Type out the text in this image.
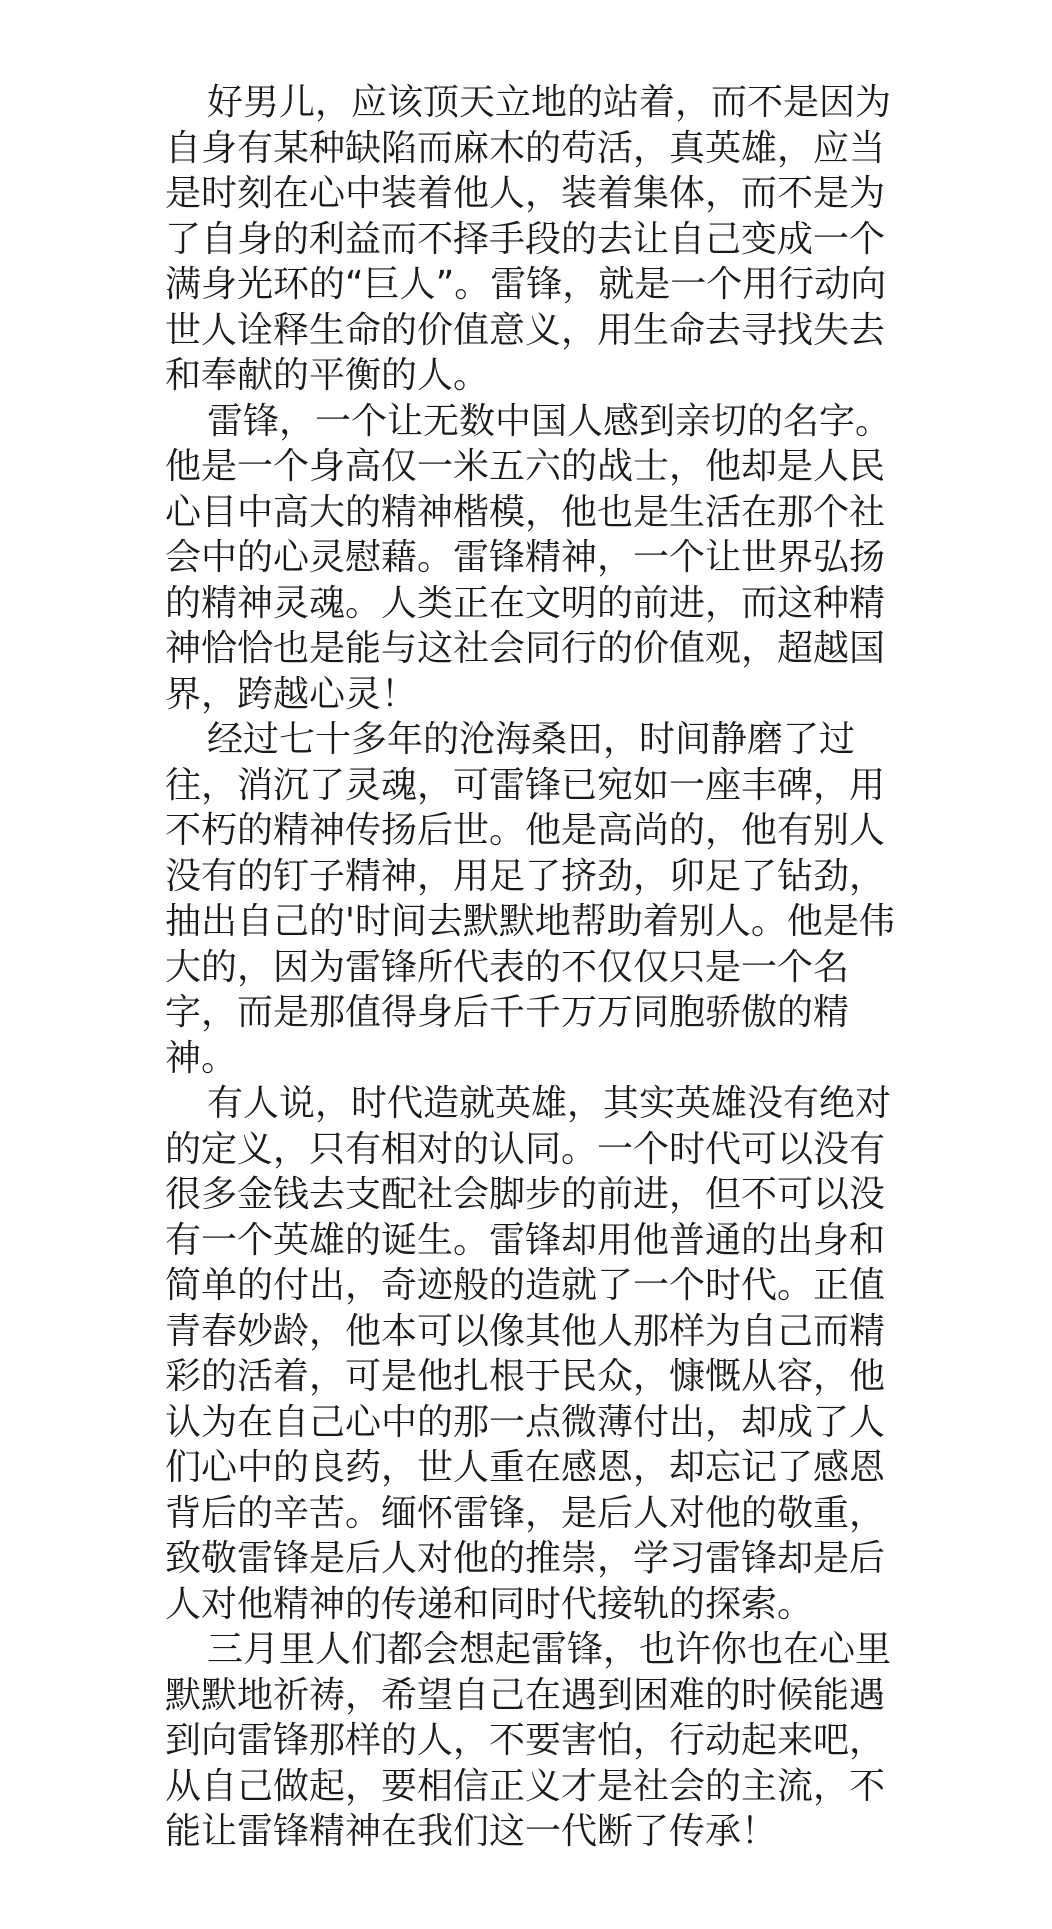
好男儿，应该顶天立地的站着，而不是因为
自身有某种缺陷而麻木的苟活，真英雄，应当
是时刻在心中装着他人，装着集体，而不是为
了自身的利益而不择手段的去让自己变成一个
满身光环的“巨人”。雷锋，就是一个用行动向
世人诠释生命的价值意义，用生命去寻找失去
和奉献的平衡的人。
雷锋，一个让无数中国人感到亲切的名字。
他是一个身高仅一米五六的战士，他却是人民
心目中高大的精神楷模，他也是生活在那个社
会中的心灵慰藉。雷锋精神，一个让世界弘扬
的精神灵魂。人类正在文明的前进，而这种精
神恰恰也是能与这社会同行的价值观，超越国
界，跨越心灵！
经过七十多年的沧海桑田，时间静磨了过
往，消沉了灵魂，可雷锋已宛如一座丰碑，用
不朽的精神传扬后世。他是高尚的，他有别人
没有的钉子精神，用足了挤劲，卯足了钻劲，
抽出自己的'时间去默默地帮助着别人。他是伟
大的，因为雷锋所代表的不仅仅只是一个名
字，而是那值得身后千千万万同胞骄傲的精
神。
有人说，时代造就英雄，其实英雄没有绝对
的定义，只有相对的认同。一个时代可以没有
很多金钱去支配社会脚步的前进，但不可以没
有一个英雄的诞生。雷锋却用他普通的出身和
简单的付出，奇迹般的造就了一个时代。正值
青春妙龄，他本可以像其他人那样为自己而精
彩的活着，可是他扎根于民众，慷慨从容，他
认为在自己心中的那一点微薄付出，却成了人
们心中的良药，世人重在感恩，却忘记了感恩
背后的辛苦。缅怀雷锋，是后人对他的敬重，
致敬雷锋是后人对他的推崇，学习雷锋却是后
人对他精神的传递和同时代接轨的探索。
三月里人们都会想起雷锋，也许你也在心里
默默地祈祷，希望自己在遇到困难的时候能遇
到向雷锋那样的人，不要害怕，行动起来吧，
从自己做起，要相信正义才是社会的主流，不
能让雷锋精神在我们这一代断了传承！
